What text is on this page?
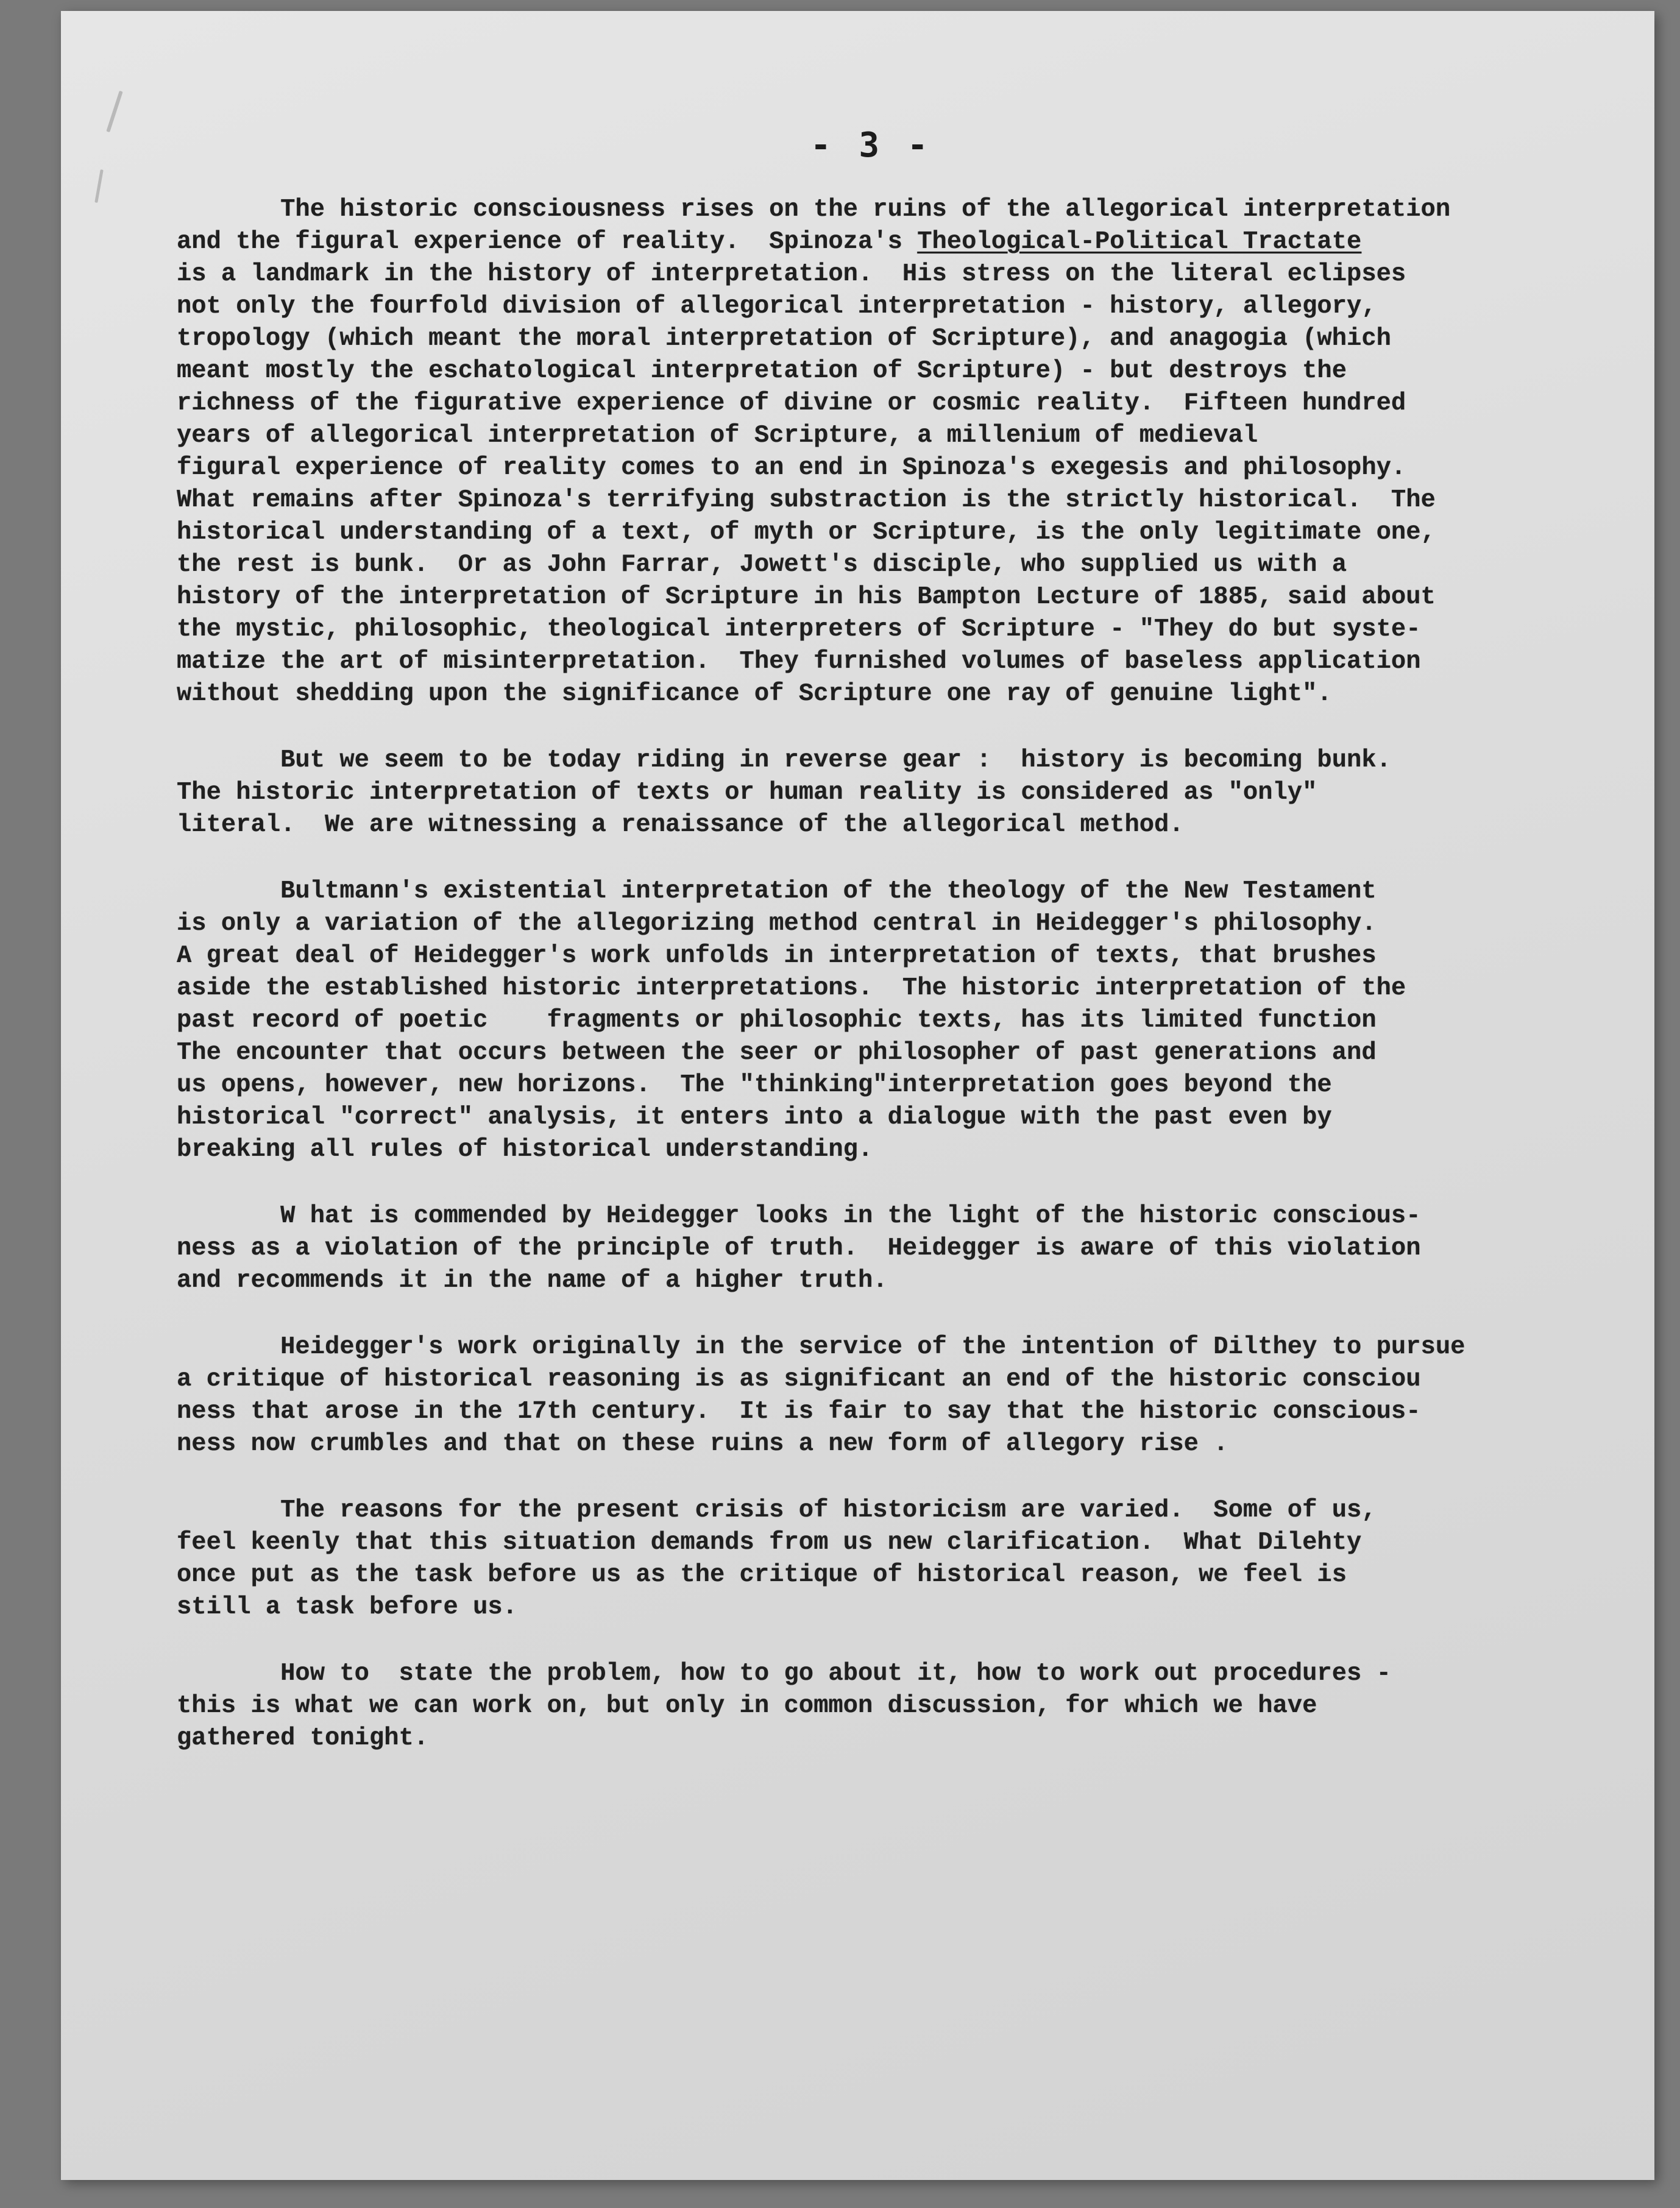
- 3 -
The historic consciousness rises on the ruins of the allegorical interpretation
and the figural experience of reality.  Spinoza's Theological-Political Tractate
is a landmark in the history of interpretation.  His stress on the literal eclipses
not only the fourfold division of allegorical interpretation - history, allegory,
tropology (which meant the moral interpretation of Scripture), and anagogia (which
meant mostly the eschatological interpretation of Scripture) - but destroys the
richness of the figurative experience of divine or cosmic reality.  Fifteen hundred
years of allegorical interpretation of Scripture, a millenium of medieval
figural experience of reality comes to an end in Spinoza's exegesis and philosophy.
What remains after Spinoza's terrifying substraction is the strictly historical.  The
historical understanding of a text, of myth or Scripture, is the only legitimate one,
the rest is bunk.  Or as John Farrar, Jowett's disciple, who supplied us with a
history of the interpretation of Scripture in his Bampton Lecture of 1885, said about
the mystic, philosophic, theological interpreters of Scripture - "They do but syste-
matize the art of misinterpretation.  They furnished volumes of baseless application
without shedding upon the significance of Scripture one ray of genuine light".
But we seem to be today riding in reverse gear :  history is becoming bunk.
The historic interpretation of texts or human reality is considered as "only"
literal.  We are witnessing a renaissance of the allegorical method.
Bultmann's existential interpretation of the theology of the New Testament
is only a variation of the allegorizing method central in Heidegger's philosophy.
A great deal of Heidegger's work unfolds in interpretation of texts, that brushes
aside the established historic interpretations.  The historic interpretation of the
past record of poetic    fragments or philosophic texts, has its limited function
The encounter that occurs between the seer or philosopher of past generations and
us opens, however, new horizons.  The "thinking"interpretation goes beyond the
historical "correct" analysis, it enters into a dialogue with the past even by
breaking all rules of historical understanding.
W hat is commended by Heidegger looks in the light of the historic conscious-
ness as a violation of the principle of truth.  Heidegger is aware of this violation
and recommends it in the name of a higher truth.
Heidegger's work originally in the service of the intention of Dilthey to pursue
a critique of historical reasoning is as significant an end of the historic consciou
ness that arose in the 17th century.  It is fair to say that the historic conscious-
ness now crumbles and that on these ruins a new form of allegory rise .
The reasons for the present crisis of historicism are varied.  Some of us,
feel keenly that this situation demands from us new clarification.  What Dilehty
once put as the task before us as the critique of historical reason, we feel is
still a task before us.
How to  state the problem, how to go about it, how to work out procedures -
this is what we can work on, but only in common discussion, for which we have
gathered tonight.
